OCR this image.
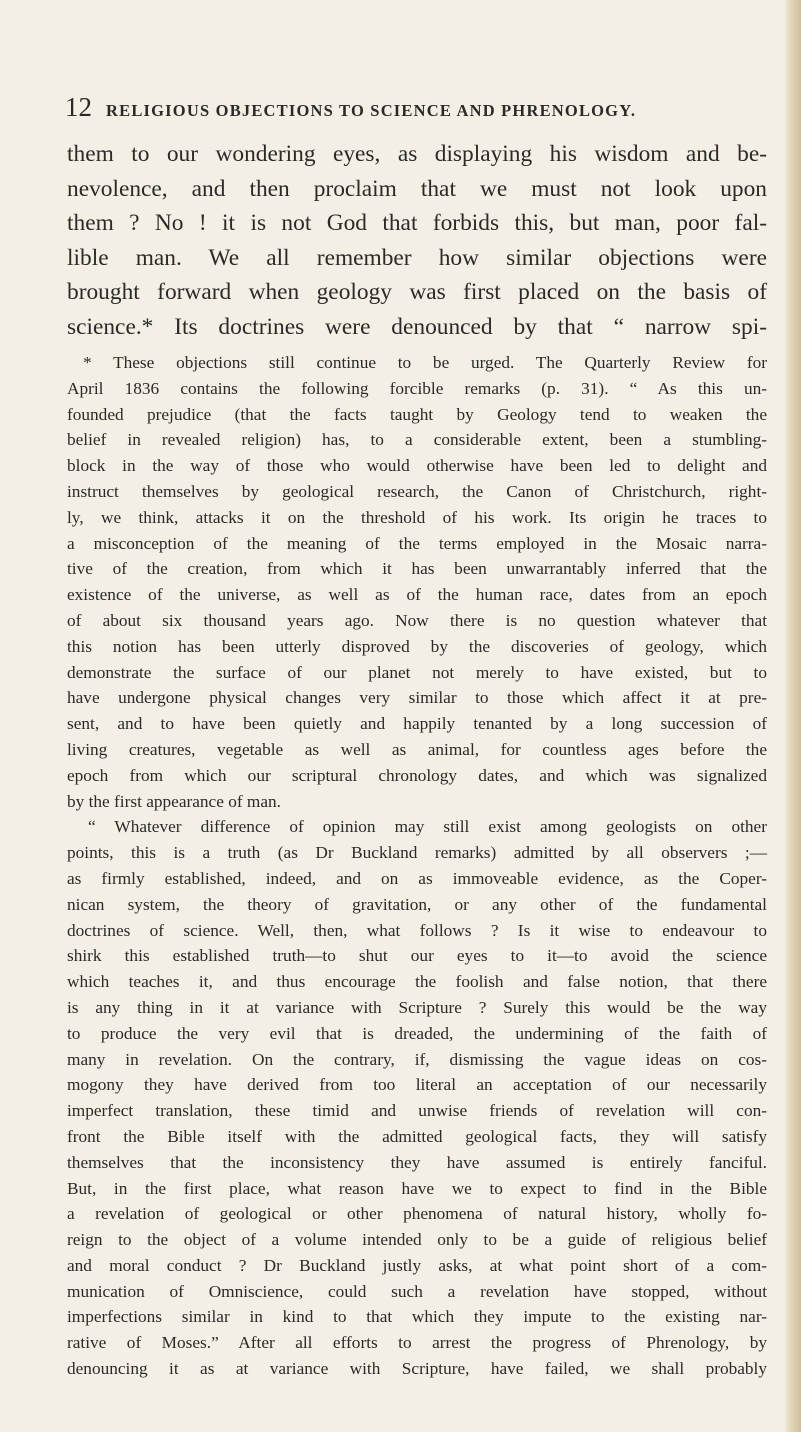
12 RELIGIOUS OBJECTIONS TO SCIENCE AND PHRENOLOGY.
them to our wondering eyes, as displaying his wisdom and be-
nevolence, and then proclaim that we must not look upon
them ? No ! it is not God that forbids this, but man, poor fal-
lible man. We all remember how similar objections were
brought forward when geology was first placed on the basis of
science.* Its doctrines were denounced by that “ narrow spi-
* These objections still continue to be urged. The Quarterly Review for
April 1836 contains the following forcible remarks (p. 31). “ As this un-
founded prejudice (that the facts taught by Geology tend to weaken the
belief in revealed religion) has, to a considerable extent, been a stumbling-
block in the way of those who would otherwise have been led to delight and
instruct themselves by geological research, the Canon of Christchurch, right-
ly, we think, attacks it on the threshold of his work. Its origin he traces to
a misconception of the meaning of the terms employed in the Mosaic narra-
tive of the creation, from which it has been unwarrantably inferred that the
existence of the universe, as well as of the human race, dates from an epoch
of about six thousand years ago. Now there is no question whatever that
this notion has been utterly disproved by the discoveries of geology, which
demonstrate the surface of our planet not merely to have existed, but to
have undergone physical changes very similar to those which affect it at pre-
sent, and to have been quietly and happily tenanted by a long succession of
living creatures, vegetable as well as animal, for countless ages before the
epoch from which our scriptural chronology dates, and which was signalized
by the first appearance of man.
“ Whatever difference of opinion may still exist among geologists on other
points, this is a truth (as Dr Buckland remarks) admitted by all observers ;—
as firmly established, indeed, and on as immoveable evidence, as the Coper-
nican system, the theory of gravitation, or any other of the fundamental
doctrines of science. Well, then, what follows ? Is it wise to endeavour to
shirk this established truth—to shut our eyes to it—to avoid the science
which teaches it, and thus encourage the foolish and false notion, that there
is any thing in it at variance with Scripture ? Surely this would be the way
to produce the very evil that is dreaded, the undermining of the faith of
many in revelation. On the contrary, if, dismissing the vague ideas on cos-
mogony they have derived from too literal an acceptation of our necessarily
imperfect translation, these timid and unwise friends of revelation will con-
front the Bible itself with the admitted geological facts, they will satisfy
themselves that the inconsistency they have assumed is entirely fanciful.
But, in the first place, what reason have we to expect to find in the Bible
a revelation of geological or other phenomena of natural history, wholly fo-
reign to the object of a volume intended only to be a guide of religious belief
and moral conduct ? Dr Buckland justly asks, at what point short of a com-
munication of Omniscience, could such a revelation have stopped, without
imperfections similar in kind to that which they impute to the existing nar-
rative of Moses.” After all efforts to arrest the progress of Phrenology, by
denouncing it as at variance with Scripture, have failed, we shall probably
